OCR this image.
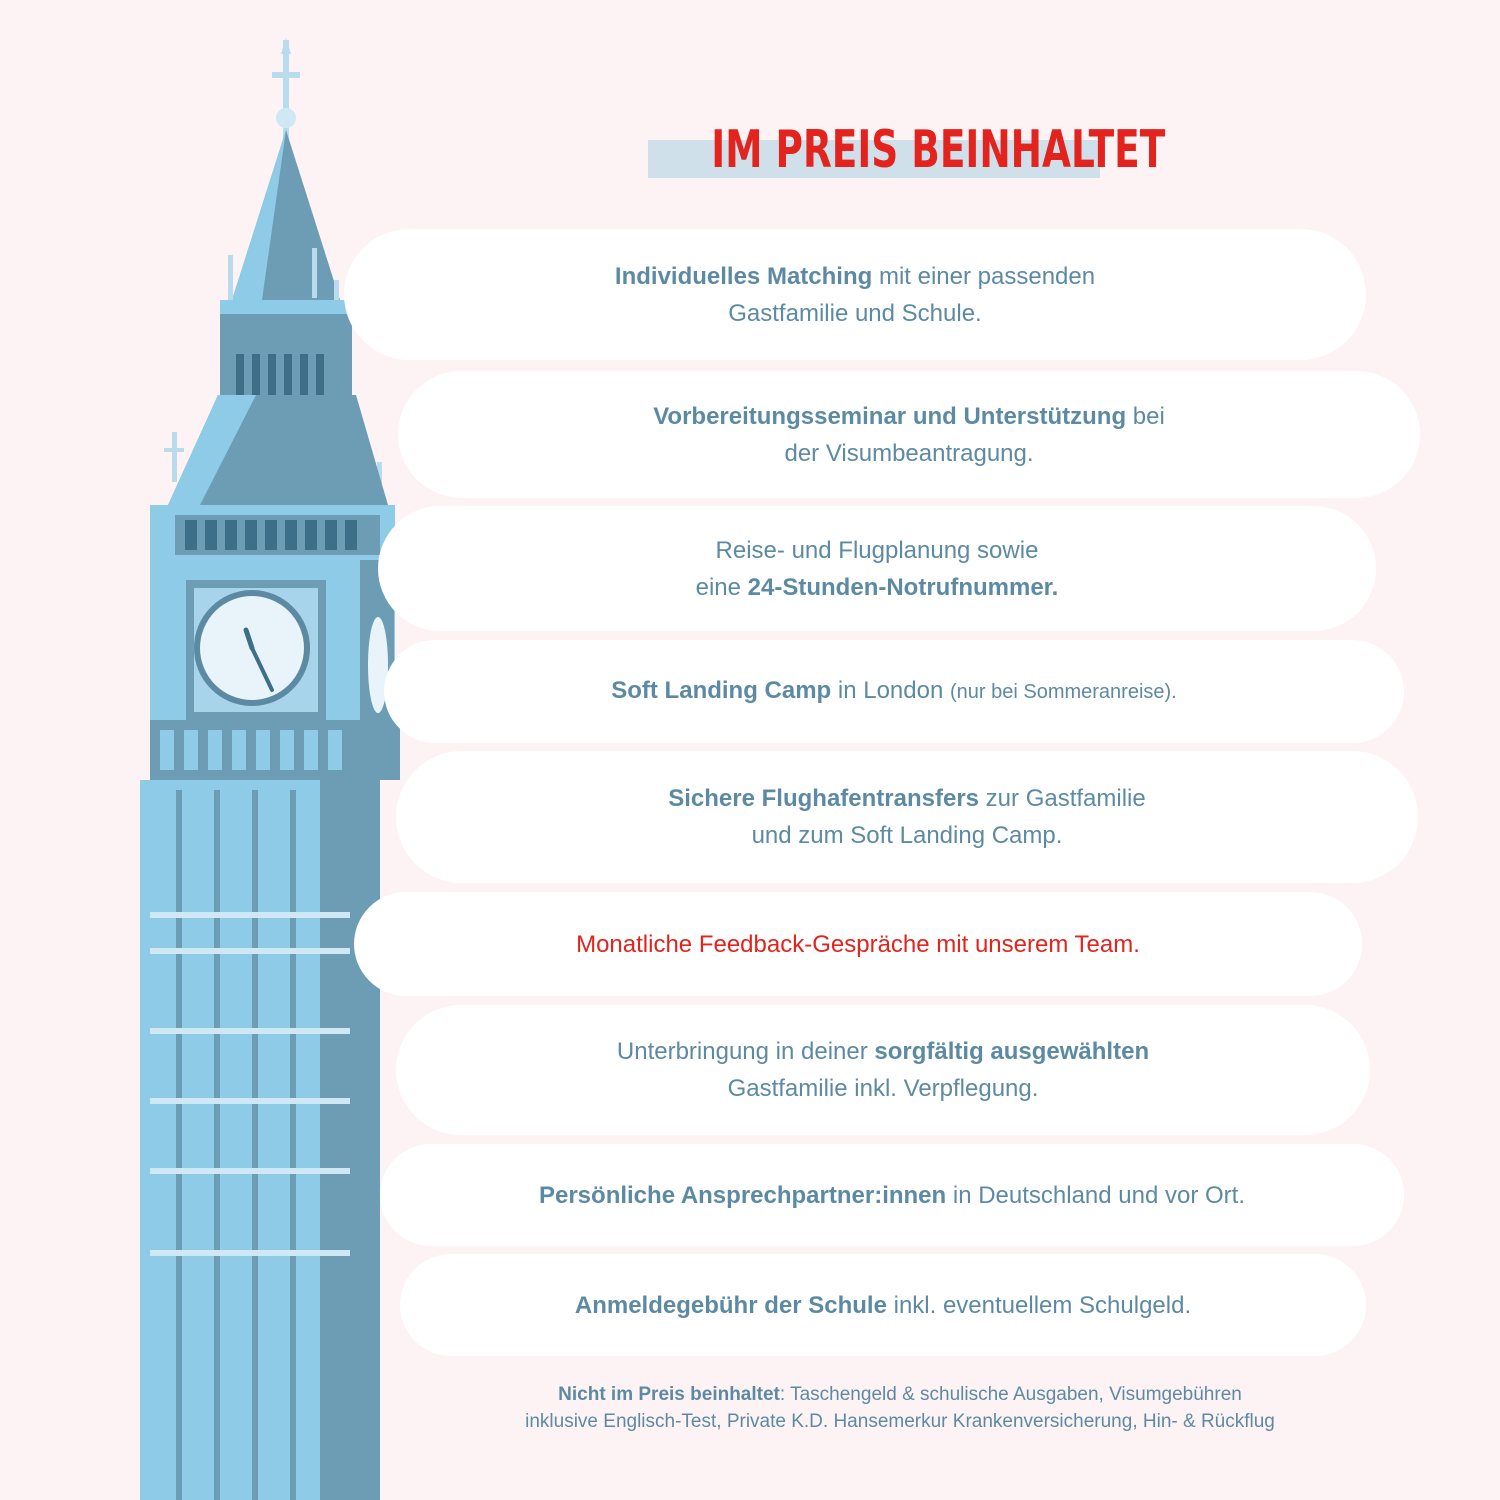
IM PREIS BEINHALTET
Individuelles Matching mit einer passenden
Gastfamilie und Schule.
Vorbereitungsseminar und Unterstützung bei
der Visumbeantragung.
Reise- und Flugplanung sowie
eine 24-Stunden-Notrufnummer.
Soft Landing Camp in London (nur bei Sommeranreise).
Sichere Flughafentransfers zur Gastfamilie
und zum Soft Landing Camp.
Monatliche Feedback-Gespräche mit unserem Team.
Unterbringung in deiner sorgfältig ausgewählten
Gastfamilie inkl. Verpflegung.
Persönliche Ansprechpartner:innen in Deutschland und vor Ort.
Anmeldegebühr der Schule inkl. eventuellem Schulgeld.
Nicht im Preis beinhaltet: Taschengeld & schulische Ausgaben, Visumgebühren
inklusive Englisch-Test, Private K.D. Hansemerkur Krankenversicherung, Hin- & Rückflug
